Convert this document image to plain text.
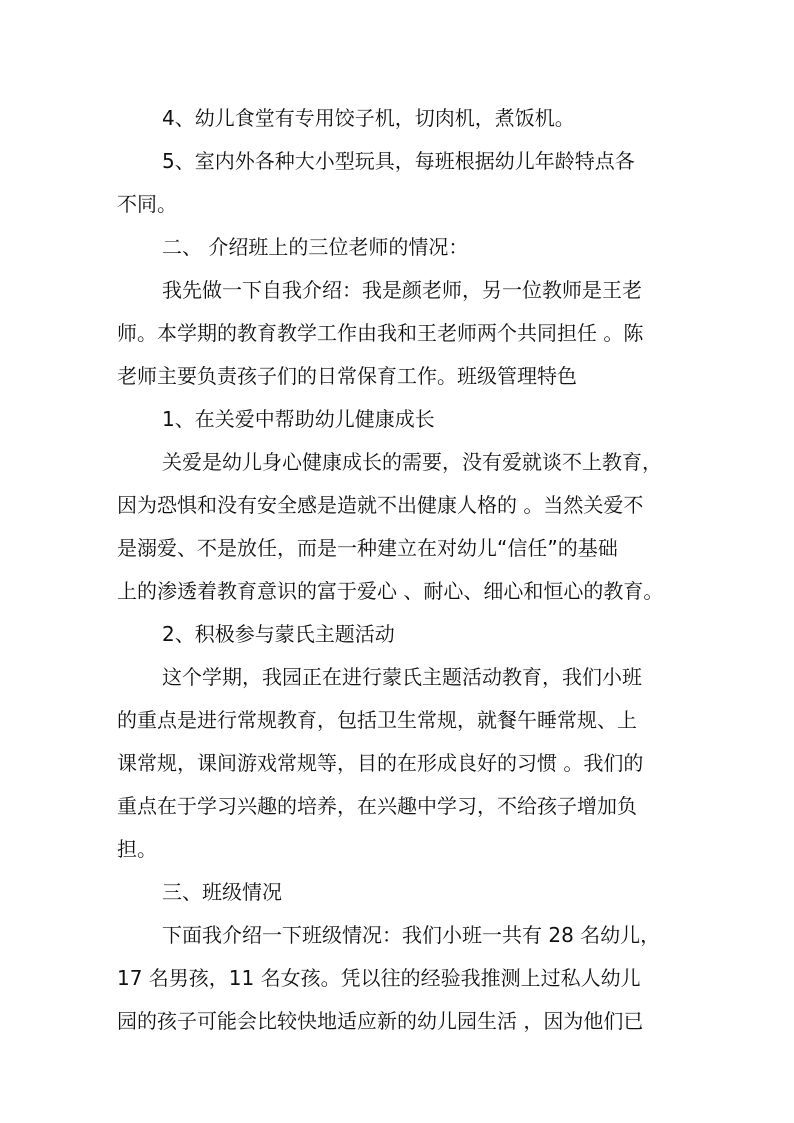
4、幼儿食堂有专用饺子机，切肉机，煮饭机。

5、室内外各种大小型玩具，每班根据幼儿年龄特点各

不同。

二、 介绍班上的三位老师的情况：

我先做一下自我介绍：我是颜老师，另一位教师是王老

师。本学期的教育教学工作由我和王老师两个共同担任 。陈

老师主要负责孩子们的日常保育工作。班级管理特色

1、在关爱中帮助幼儿健康成长

关爱是幼儿身心健康成长的需要，没有爱就谈不上教育，

因为恐惧和没有安全感是造就不出健康人格的 。当然关爱不

是溺爱、不是放任，而是一种建立在对幼儿“信任”的基础

上的渗透着教育意识的富于爱心 、耐心、细心和恒心的教育。

2、积极参与蒙氏主题活动

这个学期，我园正在进行蒙氏主题活动教育，我们小班

的重点是进行常规教育，包括卫生常规，就餐午睡常规、上

课常规，课间游戏常规等，目的在形成良好的习惯 。我们的

重点在于学习兴趣的培养，在兴趣中学习，不给孩子增加负

担。

三、班级情况

下面我介绍一下班级情况：我们小班一共有 28 名幼儿，

17 名男孩，11 名女孩。凭以往的经验我推测上过私人幼儿

园的孩子可能会比较快地适应新的幼儿园生活 ，因为他们已
